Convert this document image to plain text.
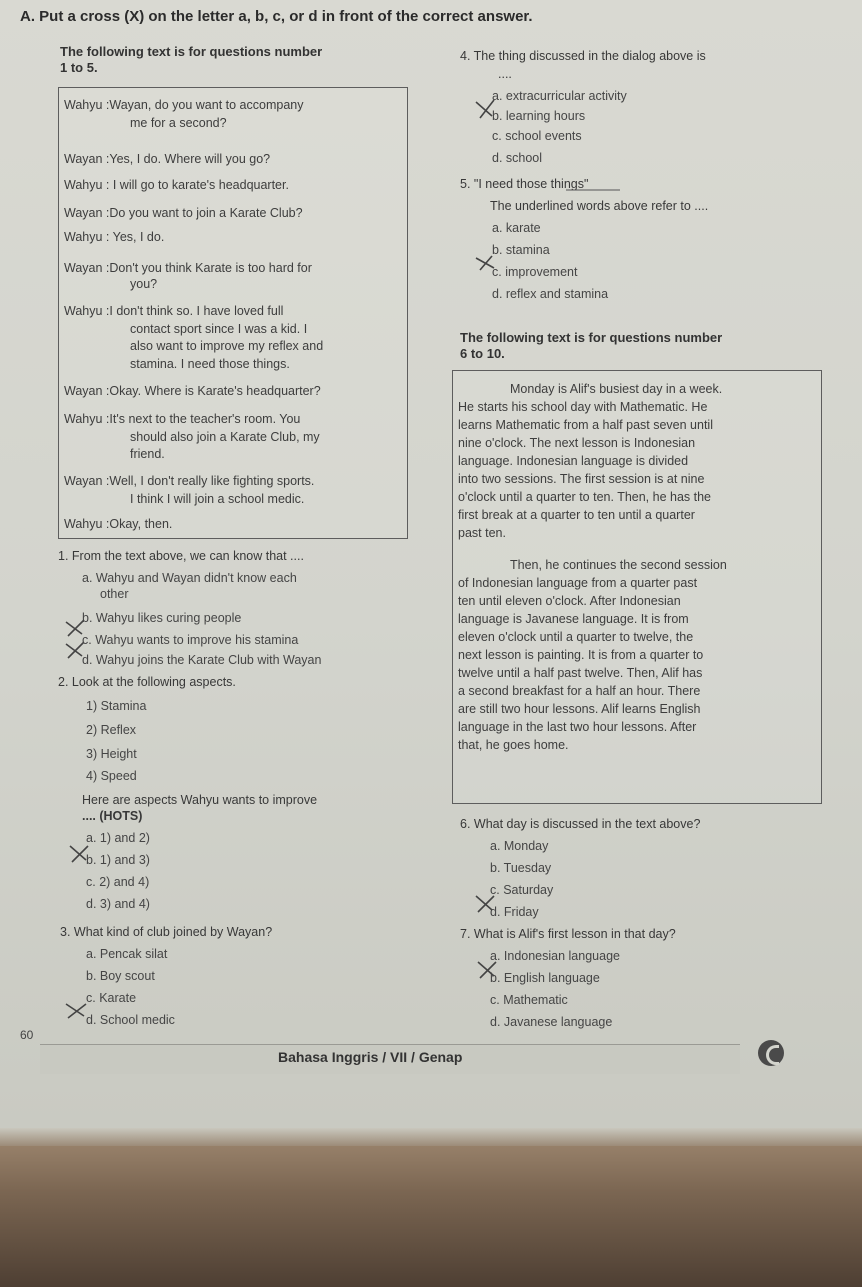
A. Put a cross (X) on the letter a, b, c, or d in front of the correct answer.
The following text is for questions number
1 to 5.
Wahyu :Wayan, do you want to accompany
me for a second?
Wayan :Yes, I do. Where will you go?
Wahyu : I will go to karate's headquarter.
Wayan :Do you want to join a Karate Club?
Wahyu : Yes, I do.
Wayan :Don't you think Karate is too hard for
you?
Wahyu :I don't think so. I have loved full
contact sport since I was a kid. I
also want to improve my reflex and
stamina. I need those things.
Wayan :Okay. Where is Karate's headquarter?
Wahyu :It's next to the teacher's room. You
should also join a Karate Club, my
friend.
Wayan :Well, I don't really like fighting sports.
I think I will join a school medic.
Wahyu :Okay, then.
1. From the text above, we can know that ....
a. Wahyu and Wayan didn't know each
other
b. Wahyu likes curing people
c. Wahyu wants to improve his stamina
d. Wahyu joins the Karate Club with Wayan
2. Look at the following aspects.
1) Stamina
2) Reflex
3) Height
4) Speed
Here are aspects Wahyu wants to improve
.... (HOTS)
a. 1) and 2)
b. 1) and 3)
c. 2) and 4)
d. 3) and 4)
3. What kind of club joined by Wayan?
a. Pencak silat
b. Boy scout
c. Karate
d. School medic
4. The thing discussed in the dialog above is
....
a. extracurricular activity
b. learning hours
c. school events
d. school
5. "I need those things"
The underlined words above refer to ....
a. karate
b. stamina
c. improvement
d. reflex and stamina
The following text is for questions number
6 to 10.
Monday is Alif's busiest day in a week.
He starts his school day with Mathematic. He
learns Mathematic from a half past seven until
nine o'clock. The next lesson is Indonesian
language. Indonesian language is divided
into two sessions. The first session is at nine
o'clock until a quarter to ten. Then, he has the
first break at a quarter to ten until a quarter
past ten.
Then, he continues the second session
of Indonesian language from a quarter past
ten until eleven o'clock. After Indonesian
language is Javanese language. It is from
eleven o'clock until a quarter to twelve, the
next lesson is painting. It is from a quarter to
twelve until a half past twelve. Then, Alif has
a second breakfast for a half an hour. There
are still two hour lessons. Alif learns English
language in the last two hour lessons. After
that, he goes home.
6. What day is discussed in the text above?
a. Monday
b. Tuesday
c. Saturday
d. Friday
7. What is Alif's first lesson in that day?
a. Indonesian language
b. English language
c. Mathematic
d. Javanese language
60
Bahasa Inggris / VII / Genap
